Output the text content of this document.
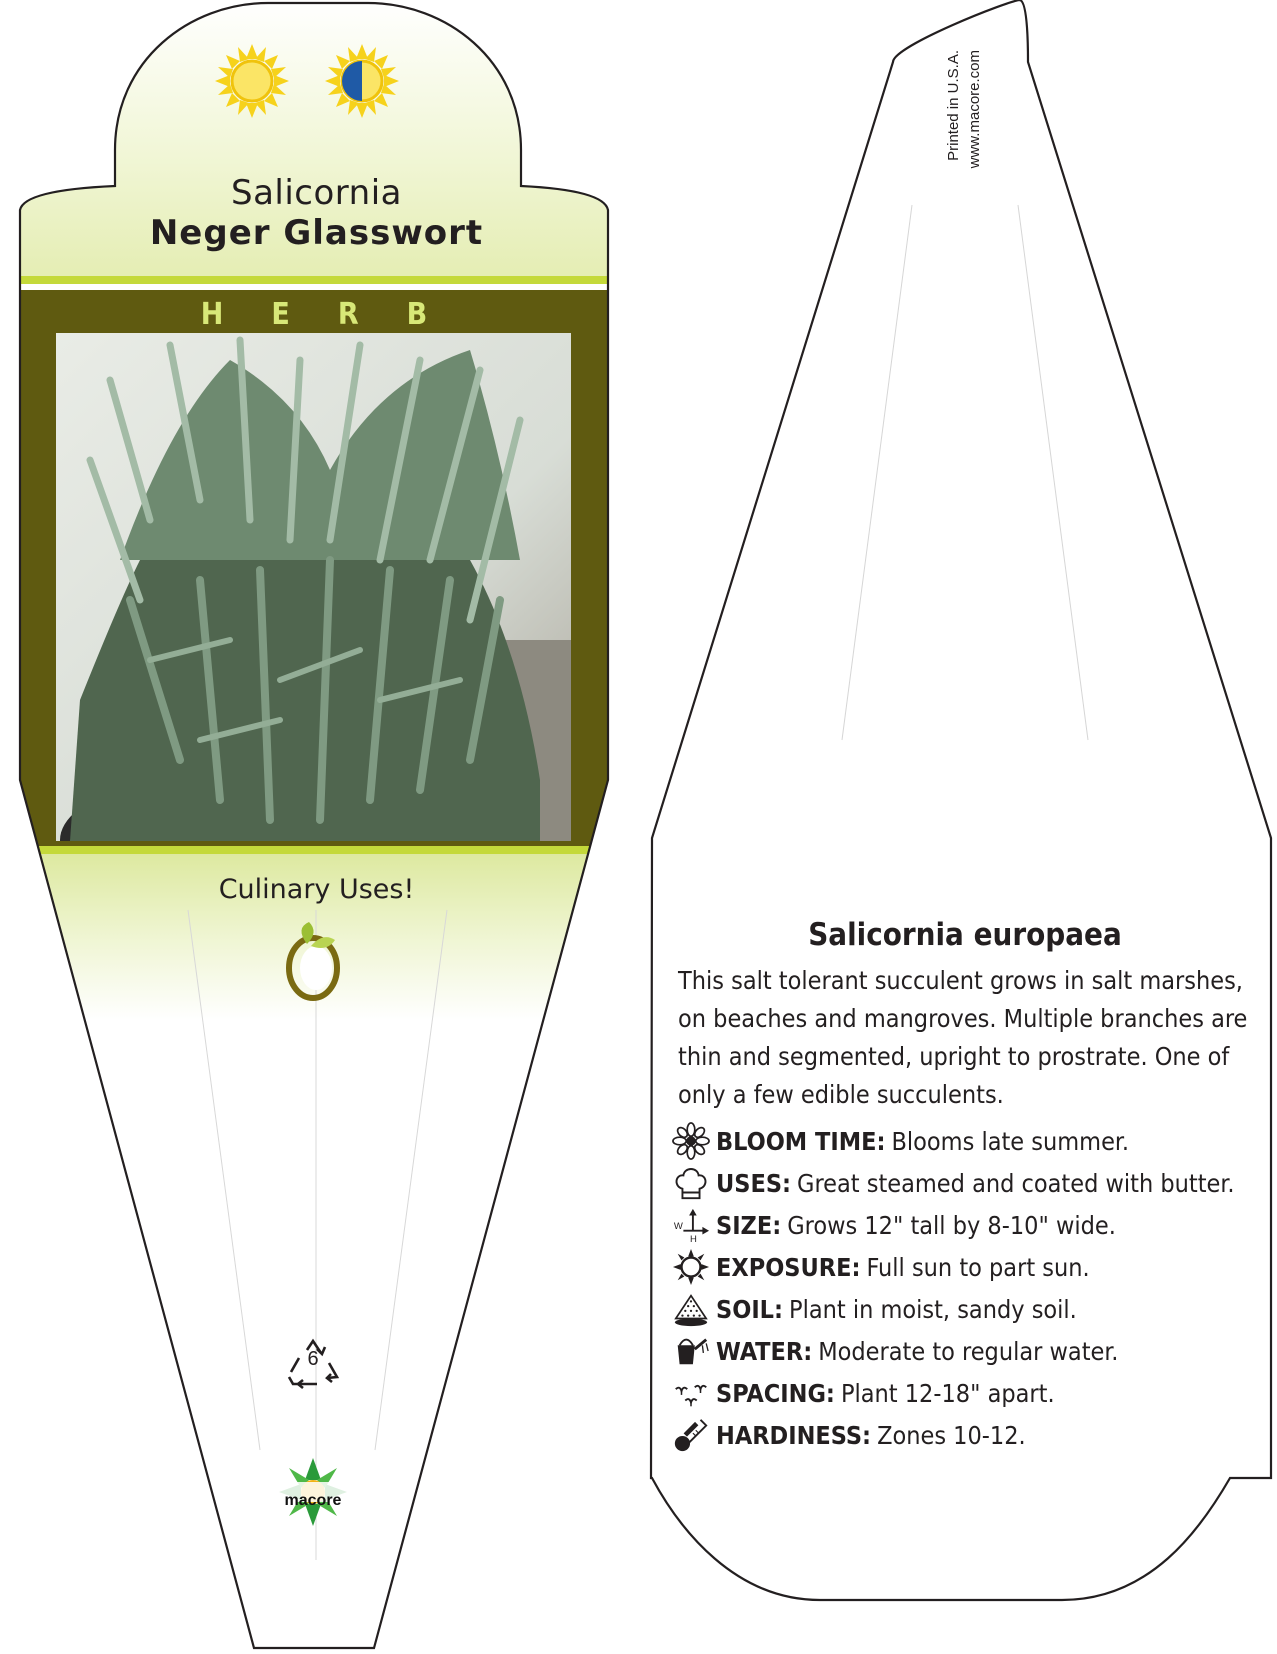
Salicornia
Neger Glasswort
H E R B
Culinary Uses!
6
macore
Printed in U.S.A. www.macore.com
Salicornia europaea
This salt tolerant succulent grows in salt marshes, on beaches and mangroves. Multiple branches are thin and segmented, upright to prostrate. One of only a few edible succulents.
BLOOM TIME: Blooms late summer.
USES: Great steamed and coated with butter.
W
H
SIZE: Grows 12" tall by 8-10" wide.
EXPOSURE: Full sun to part sun.
SOIL: Plant in moist, sandy soil.
WATER: Moderate to regular water.
SPACING: Plant 12-18" apart.
HARDINESS: Zones 10-12.
